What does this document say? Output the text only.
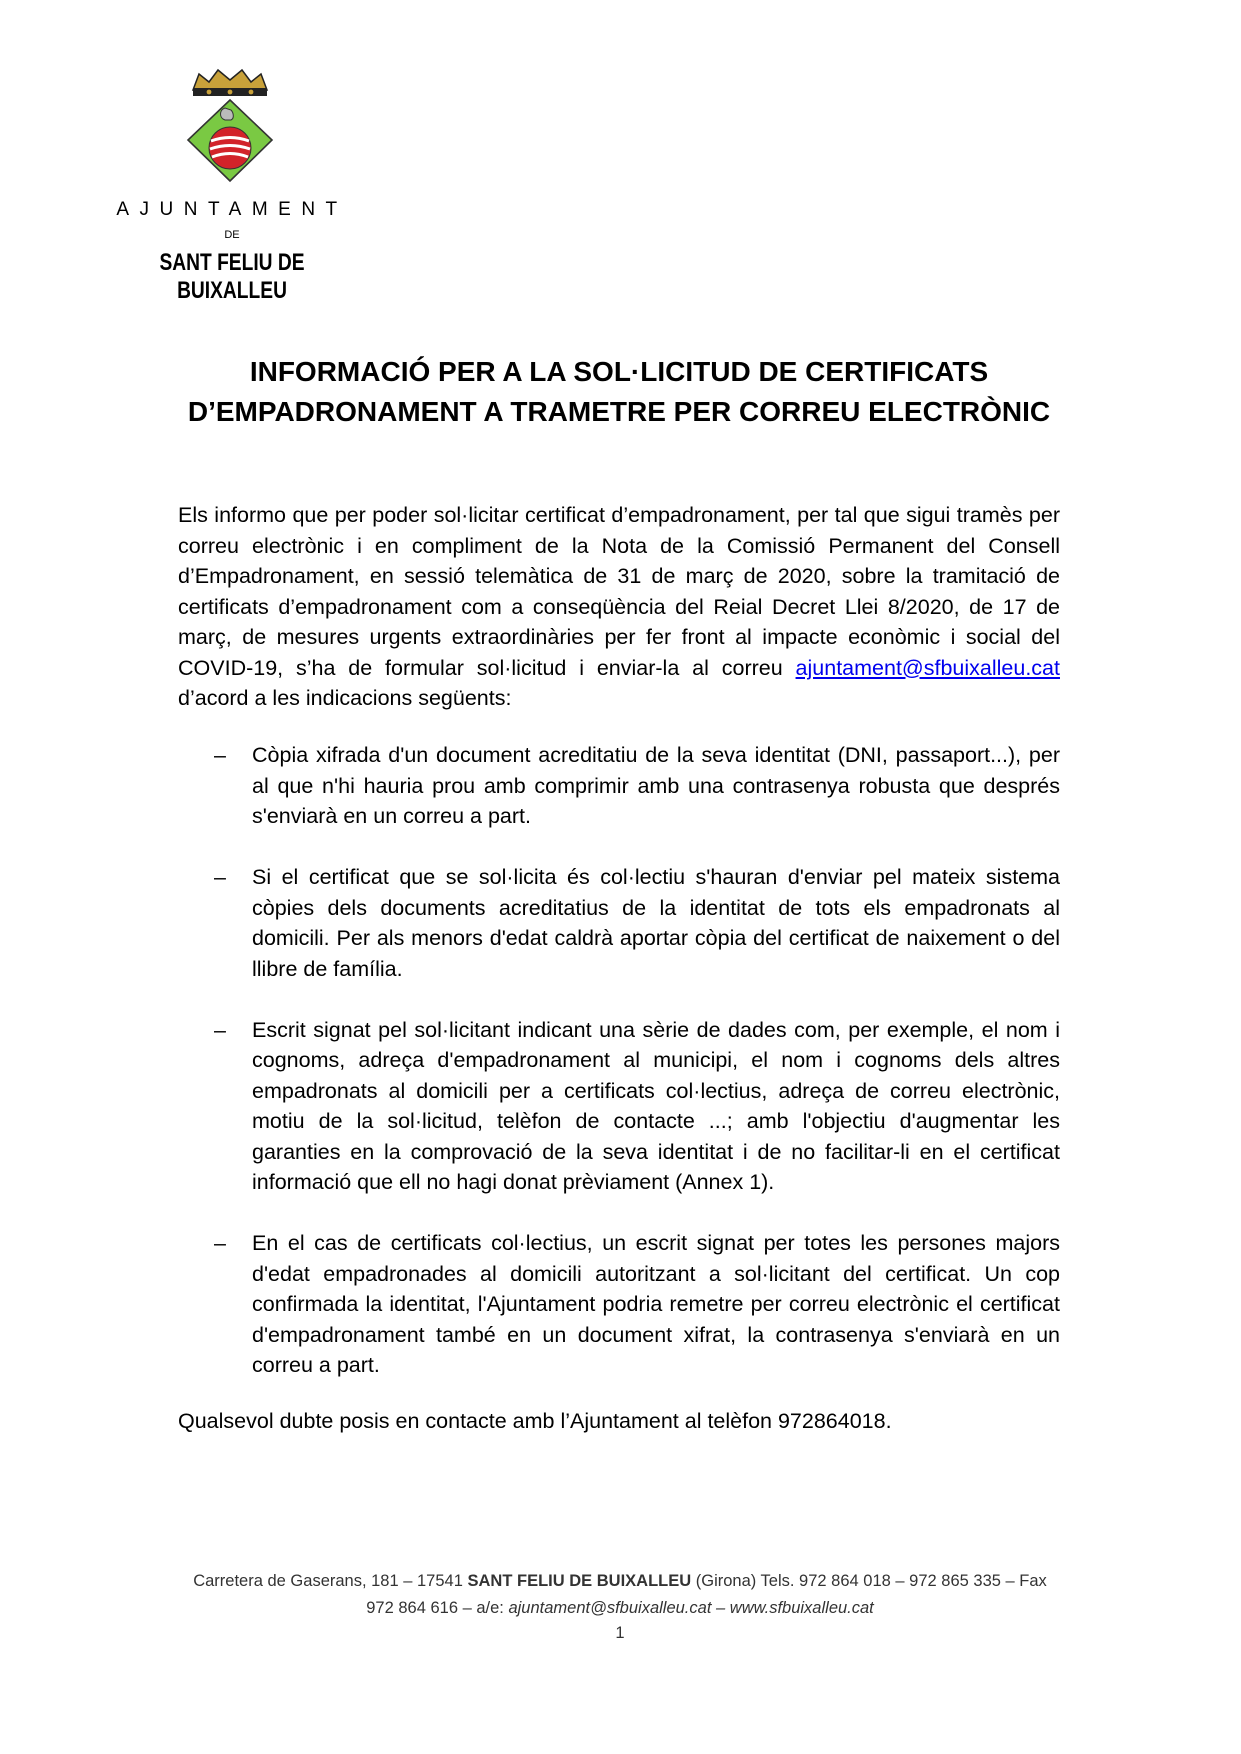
AJUNTAMENT
DE
SANT FELIU DE BUIXALLEU
INFORMACIÓ PER A LA SOL·LICITUD DE CERTIFICATS D’EMPADRONAMENT A TRAMETRE PER CORREU ELECTRÒNIC

Els informo que per poder sol·licitar certificat d’empadronament, per tal que sigui tramès per correu electrònic i en compliment de la Nota de la Comissió Permanent del Consell d’Empadronament, en sessió telemàtica de 31 de març de 2020, sobre la tramitació de certificats d’empadronament com a conseqüència del Reial Decret Llei 8/2020, de 17 de març, de mesures urgents extraordinàries per fer front al impacte econòmic i social del COVID-19, s’ha de formular sol·licitud i enviar-la al correu ajuntament@sfbuixalleu.cat d’acord a les indicacions següents:

– Còpia xifrada d'un document acreditatiu de la seva identitat (DNI, passaport...), per al que n'hi hauria prou amb comprimir amb una contrasenya robusta que després s'enviarà en un correu a part.
– Si el certificat que se sol·licita és col·lectiu s'hauran d'enviar pel mateix sistema còpies dels documents acreditatius de la identitat de tots els empadronats al domicili. Per als menors d'edat caldrà aportar còpia del certificat de naixement o del llibre de família.
– Escrit signat pel sol·licitant indicant una sèrie de dades com, per exemple, el nom i cognoms, adreça d'empadronament al municipi, el nom i cognoms dels altres empadronats al domicili per a certificats col·lectius, adreça de correu electrònic, motiu de la sol·licitud, telèfon de contacte ...; amb l'objectiu d'augmentar les garanties en la comprovació de la seva identitat i de no facilitar-li en el certificat informació que ell no hagi donat prèviament (Annex 1).
– En el cas de certificats col·lectius, un escrit signat per totes les persones majors d'edat empadronades al domicili autoritzant a sol·licitant del certificat. Un cop confirmada la identitat, l'Ajuntament podria remetre per correu electrònic el certificat d'empadronament també en un document xifrat, la contrasenya s'enviarà en un correu a part.

Qualsevol dubte posis en contacte amb l’Ajuntament al telèfon 972864018.

Carretera de Gaserans, 181 – 17541 SANT FELIU DE BUIXALLEU (Girona) Tels. 972 864 018 – 972 865 335 – Fax 972 864 616 – a/e: ajuntament@sfbuixalleu.cat – www.sfbuixalleu.cat
1
